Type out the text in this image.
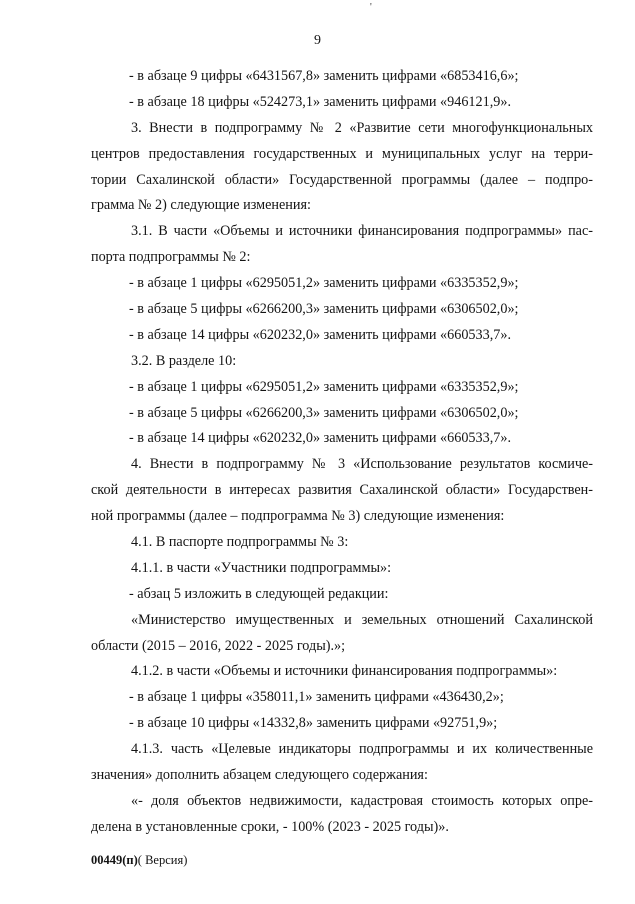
'
9
- в абзаце 9 цифры «6431567,8» заменить цифрами «6853416,6»;
- в абзаце 18 цифры «524273,1» заменить цифрами «946121,9».
3. Внести в подпрограмму № 2 «Развитие сети многофункциональных
центров предоставления государственных и муниципальных услуг на терри-
тории Сахалинской области» Государственной программы (далее – подпро-
грамма № 2) следующие изменения:
3.1. В части «Объемы и источники финансирования подпрограммы» пас-
порта подпрограммы № 2:
- в абзаце 1 цифры «6295051,2» заменить цифрами «6335352,9»;
- в абзаце 5 цифры «6266200,3» заменить цифрами «6306502,0»;
- в абзаце 14 цифры «620232,0» заменить цифрами «660533,7».
3.2. В разделе 10:
- в абзаце 1 цифры «6295051,2» заменить цифрами «6335352,9»;
- в абзаце 5 цифры «6266200,3» заменить цифрами «6306502,0»;
- в абзаце 14 цифры «620232,0» заменить цифрами «660533,7».
4. Внести в подпрограмму № 3 «Использование результатов космиче-
ской деятельности в интересах развития Сахалинской области» Государствен-
ной программы (далее – подпрограмма № 3) следующие изменения:
4.1. В паспорте подпрограммы № 3:
4.1.1. в части «Участники подпрограммы»:
- абзац 5 изложить в следующей редакции:
«Министерство имущественных и земельных отношений Сахалинской
области (2015 – 2016, 2022 - 2025 годы).»;
4.1.2. в части «Объемы и источники финансирования подпрограммы»:
- в абзаце 1 цифры «358011,1» заменить цифрами «436430,2»;
- в абзаце 10 цифры «14332,8» заменить цифрами «92751,9»;
4.1.3. часть «Целевые индикаторы подпрограммы и их количественные
значения» дополнить абзацем следующего содержания:
«- доля объектов недвижимости, кадастровая стоимость которых опре-
делена в установленные сроки, - 100% (2023 - 2025 годы)».
00449(п)( Версия)
